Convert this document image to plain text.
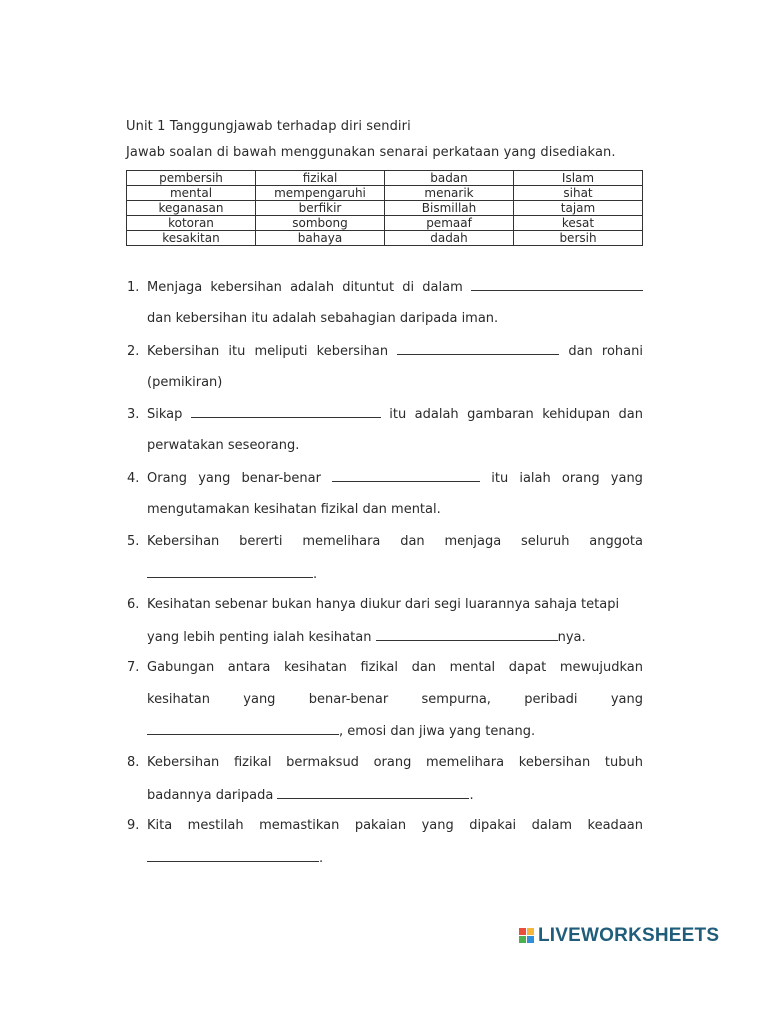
Unit 1 Tanggungjawab terhadap diri sendiri
Jawab soalan di bawah menggunakan senarai perkataan yang disediakan.
pembersih	fizikal	badan	Islam
mental	mempengaruhi	menarik	sihat
keganasan	berfikir	Bismillah	tajam
kotoran	sombong	pemaaf	kesat
kesakitan	bahaya	dadah	bersih
1. Menjaga kebersihan adalah dituntut di dalam
dan kebersihan itu adalah sebahagian daripada iman.
2. Kebersihan itu meliputi kebersihan	dan rohani
(pemikiran)
3. Sikap	itu adalah gambaran kehidupan dan
perwatakan seseorang.
4. Orang yang benar-benar	itu ialah orang yang
mengutamakan kesihatan fizikal dan mental.
5. Kebersihan bererti memelihara dan menjaga seluruh anggota
.
6. Kesihatan sebenar bukan hanya diukur dari segi luarannya sahaja tetapi
yang lebih penting ialah kesihatan	nya.
7. Gabungan antara kesihatan fizikal dan mental dapat mewujudkan
kesihatan	yang	benar-benar	sempurna,	peribadi	yang
, emosi dan jiwa yang tenang.
8. Kebersihan fizikal bermaksud orang memelihara kebersihan tubuh
badannya daripada	.
9. Kita mestilah memastikan pakaian yang dipakai dalam keadaan
.
LIVEWORKSHEETS
